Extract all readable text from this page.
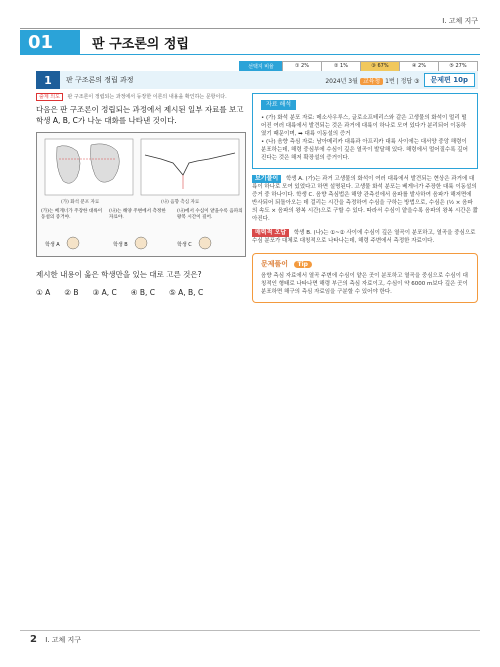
I. 고체 지구
01	판 구조론의 정립
선택지 비율	① 2%	② 1%	③ 67%	④ 2%	⑤ 27%
1	판 구조론의 정립 과정	2024년 3월 교육청 1번 | 정답 ③	문제편 10p
출제 의도 판 구조론이 정립되는 과정에서 등장한 이론의 내용을 확인하는 문항이다.
다음은 판 구조론이 정립되는 과정에서 제시된 일부 자료를 보고 학생 A, B, C가 나눈 대화를 나타낸 것이다.
(가) 화석 분포 자료	(나) 음향 측심 자료
(가)는 베게너가 주장한 대륙이동설의 증거야.
(나)는 해양 주변에서 측정한 자료야.
(나)에서 수심이 얕을수록 음파의 왕복 시간이 길어.
학생 A	학생 B	학생 C
제시한 내용이 옳은 학생만을 있는 대로 고른 것은?
① A ② B ③ A, C ④ B, C ⑤ A, B, C
자료 해석
• (가) 화석 분포 자료: 메소사우루스, 글로소프테리스와 같은 고생물의 화석이 멀리 떨어진 여러 대륙에서 발견되는 것은 과거에 대륙이 하나로 모여 있다가 분리되어 이동하였기 때문이며, ➡ 대륙 이동설의 증거
• (나) 음향 측심 자료: 남아메리카 대륙과 아프리카 대륙 사이에는 대서양 중앙 해령이 분포하는데, 해령 중심부에 수심이 깊은 열곡이 발달해 있다. 해령에서 멀어질수록 깊어진다는 것은 해저 확장설의 증거이다.
보기풀이 학생 A. (가)는 과거 고생물의 화석이 여러 대륙에서 발견되는 현상은 과거에 대륙이 하나로 모여 있었다고 하면 설명된다. 고생물 화석 분포는 베게너가 주장한 대륙 이동설의 증거 중 하나이다. 학생 C. 음향 측심법은 해양 관측선에서 음파를 발사하여 음파가 해저면에 반사되어 되돌아오는 데 걸리는 시간을 측정하여 수심을 구하는 방법으로, 수심은 (½ × 음파의 속도 × 음파의 왕복 시간)으로 구할 수 있다. 따라서 수심이 얕을수록 음파의 왕복 시간은 짧아진다.
매력적 오답 학생 B. (나)는 ①~② 사이에 수심이 깊은 열곡이 분포하고, 열곡을 중심으로 수심 분포가 대체로 대칭적으로 나타나는데, 해령 주변에서 측정한 자료이다.
문제풀이 Tip
음향 측심 자료에서 열곡 주변에 수심이 얕은 곳이 분포하고 열곡을 중심으로 수심이 대칭적인 형태로 나타나면 해령 부근의 측심 자료이고, 수심이 약 6000 m보다 깊은 곳이 분포하면 해구의 측심 자료임을 구분할 수 있어야 한다.
2 I. 고체 지구
